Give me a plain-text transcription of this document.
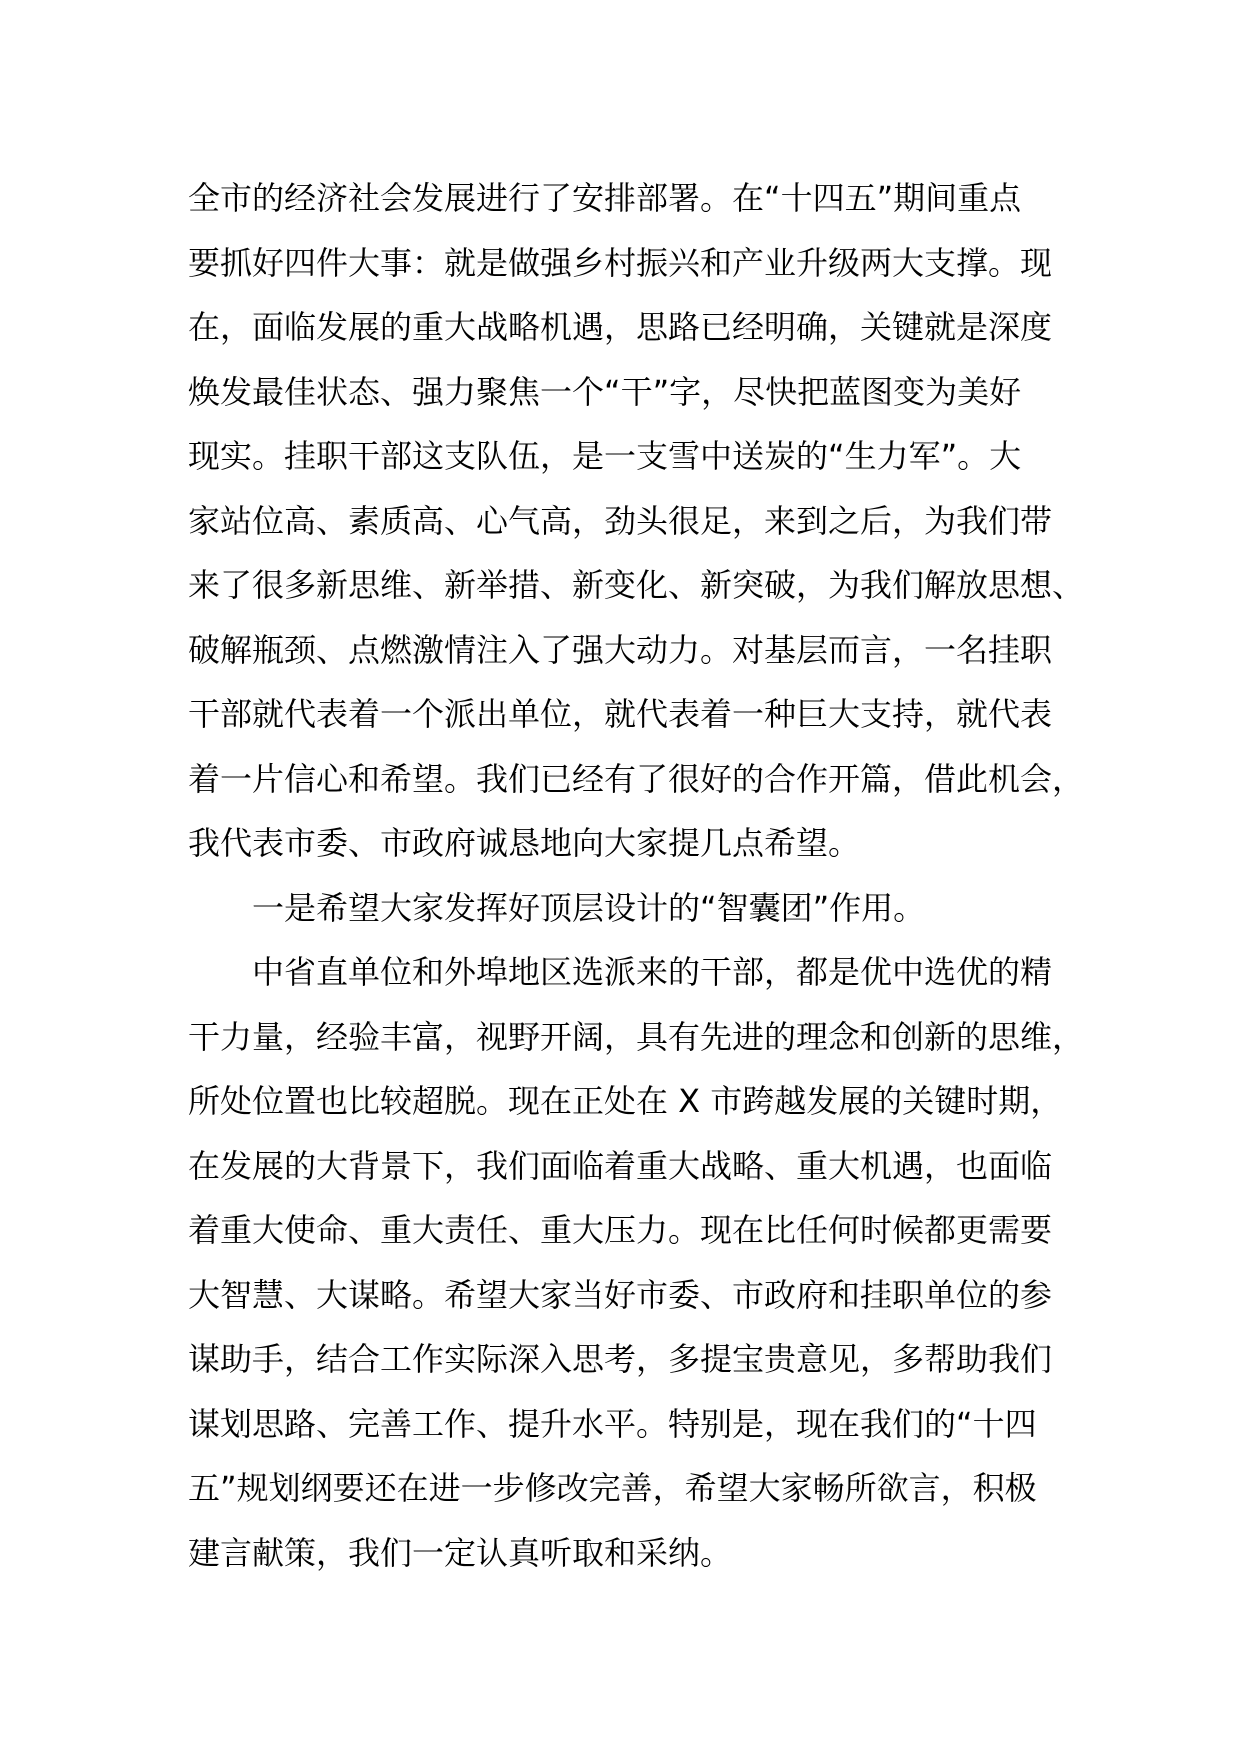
全市的经济社会发展进行了安排部署。在“十四五”期间重点
要抓好四件大事：就是做强乡村振兴和产业升级两大支撑。现
在，面临发展的重大战略机遇，思路已经明确，关键就是深度
焕发最佳状态、强力聚焦一个“干”字，尽快把蓝图变为美好
现实。挂职干部这支队伍，是一支雪中送炭的“生力军”。大
家站位高、素质高、心气高，劲头很足，来到之后，为我们带
来了很多新思维、新举措、新变化、新突破，为我们解放思想、
破解瓶颈、点燃激情注入了强大动力。对基层而言，一名挂职
干部就代表着一个派出单位，就代表着一种巨大支持，就代表
着一片信心和希望。我们已经有了很好的合作开篇，借此机会，
我代表市委、市政府诚恳地向大家提几点希望。
一是希望大家发挥好顶层设计的“智囊团”作用。
中省直单位和外埠地区选派来的干部，都是优中选优的精
干力量，经验丰富，视野开阔，具有先进的理念和创新的思维，
所处位置也比较超脱。现在正处在 X 市跨越发展的关键时期，
在发展的大背景下，我们面临着重大战略、重大机遇，也面临
着重大使命、重大责任、重大压力。现在比任何时候都更需要
大智慧、大谋略。希望大家当好市委、市政府和挂职单位的参
谋助手，结合工作实际深入思考，多提宝贵意见，多帮助我们
谋划思路、完善工作、提升水平。特别是，现在我们的“十四
五”规划纲要还在进一步修改完善，希望大家畅所欲言，积极
建言献策，我们一定认真听取和采纳。
